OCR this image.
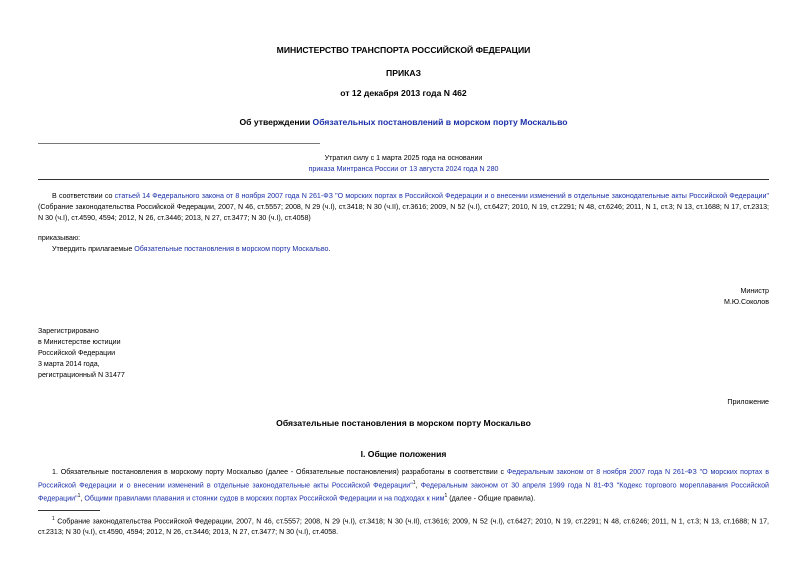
МИНИСТЕРСТВО ТРАНСПОРТА РОССИЙСКОЙ ФЕДЕРАЦИИ
ПРИКАЗ
от 12 декабря 2013 года N 462
Об утверждении Обязательных постановлений в морском порту Москальво
Утратил силу с 1 марта 2025 года на основании
приказа Минтранса России от 13 августа 2024 года N 280
В соответствии со статьей 14 Федерального закона от 8 ноября 2007 года N 261-ФЗ "О морских портах в Российской Федерации и о внесении изменений в отдельные законодательные акты Российской Федерации" (Собрание законодательства Российской Федерации, 2007, N 46, ст.5557; 2008, N 29 (ч.I), ст.3418; N 30 (ч.II), ст.3616; 2009, N 52 (ч.I), ст.6427; 2010, N 19, ст.2291; N 48, ст.6246; 2011, N 1, ст.3; N 13, ст.1688; N 17, ст.2313; N 30 (ч.I), ст.4590, 4594; 2012, N 26, ст.3446; 2013, N 27, ст.3477; N 30 (ч.I), ст.4058)
приказываю:
Утвердить прилагаемые Обязательные постановления в морском порту Москальво.
Министр
М.Ю.Соколов
Зарегистрировано
в Министерстве юстиции
Российской Федерации
3 марта 2014 года,
регистрационный N 31477
Приложение
Обязательные постановления в морском порту Москальво
I. Общие положения
1. Обязательные постановления в морскому порту Москальво (далее - Обязательные постановления) разработаны в соответствии с Федеральным законом от 8 ноября 2007 года N 261-ФЗ "О морских портах в Российской Федерации и о внесении изменений в отдельные законодательные акты Российской Федерации"$^1$, Федеральным законом от 30 апреля 1999 года N 81-ФЗ "Кодекс торгового мореплавания Российской Федерации"$^1$, Общими правилами плавания и стоянки судов в морских портах Российской Федерации и на подходах к ним$^1$ (далее - Общие правила).
$^1$ Собрание законодательства Российской Федерации, 2007, N 46, ст.5557; 2008, N 29 (ч.I), ст.3418; N 30 (ч.II), ст.3616; 2009, N 52 (ч.I), ст.6427; 2010, N 19, ст.2291; N 48, ст.6246; 2011, N 1, ст.3; N 13, ст.1688; N 17, ст.2313; N 30 (ч.I), ст.4590, 4594; 2012, N 26, ст.3446; 2013, N 27, ст.3477; N 30 (ч.I), ст.4058.
